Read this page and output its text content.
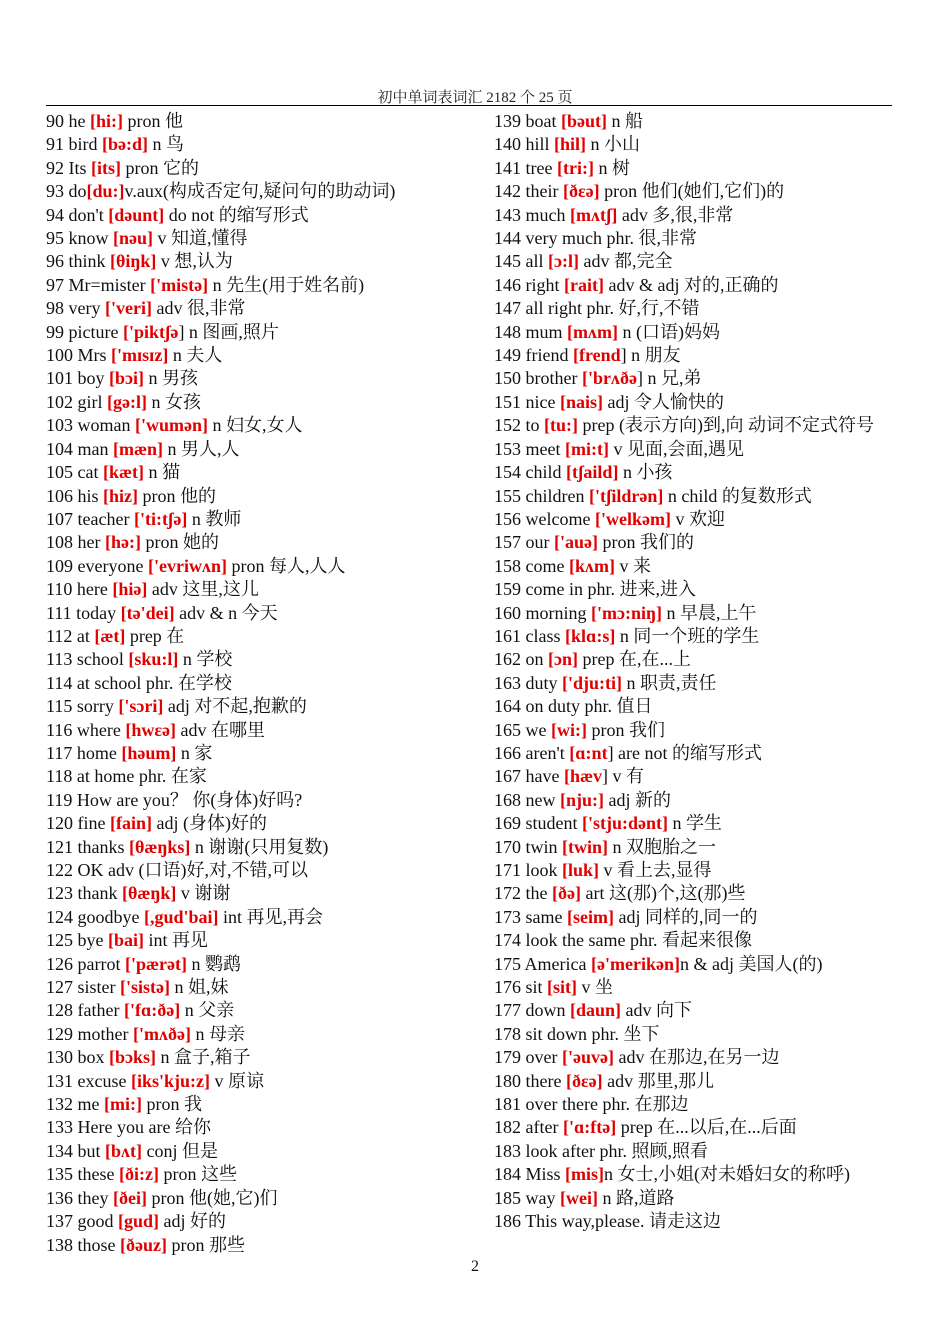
初中单词表词汇 2182 个 25 页
90 he [hi:] pron 他
91 bird [bə:d] n 鸟
92 Its [its] pron 它的
93 do[du:]v.aux(构成否定句,疑问句的助动词)
94 don't [dəunt] do not 的缩写形式
95 know [nəu] v 知道,懂得
96 think [θiŋk] v 想,认为
97 Mr=mister ['mistə] n 先生(用于姓名前)
98 very ['veri] adv 很,非常
99 picture ['piktʃə] n 图画,照片
100 Mrs ['mɪsɪz] n 夫人
101 boy [bɔi] n 男孩
102 girl [gə:l] n 女孩
103 woman ['wumən] n 妇女,女人
104 man [mæn] n 男人,人
105 cat [kæt] n 猫
106 his [hiz] pron 他的
107 teacher ['ti:tʃə] n 教师
108 her [hə:] pron 她的
109 everyone ['evriwʌn] pron 每人,人人
110 here [hiə] adv 这里,这儿
111 today [tə'dei] adv & n 今天
112 at [æt] prep 在
113 school [sku:l] n 学校
114 at school phr. 在学校
115 sorry ['sɔri] adj 对不起,抱歉的
116 where [hwεə] adv 在哪里
117 home [həum] n 家
118 at home phr. 在家
119 How are you？ 你(身体)好吗?
120 fine [fain] adj (身体)好的
121 thanks [θæŋks] n 谢谢(只用复数)
122 OK adv (口语)好,对,不错,可以
123 thank [θæŋk] v 谢谢
124 goodbye [,gud'bai] int 再见,再会
125 bye [bai] int 再见
126 parrot ['pærət] n 鹦鹉
127 sister ['sistə] n 姐,妹
128 father ['fɑ:ðə] n 父亲
129 mother ['mʌðə] n 母亲
130 box [bɔks] n 盒子,箱子
131 excuse [iks'kju:z] v 原谅
132 me [mi:] pron 我
133 Here you are 给你
134 but [bʌt] conj 但是
135 these [ði:z] pron 这些
136 they [ðei] pron 他(她,它)们
137 good [gud] adj 好的
138 those [ðəuz] pron 那些
139 boat [bəut] n 船
140 hill [hil] n 小山
141 tree [tri:] n 树
142 their [ðεə] pron 他们(她们,它们)的
143 much [mʌtʃ] adv 多,很,非常
144 very much phr. 很,非常
145 all [ɔ:l] adv 都,完全
146 right [rait] adv & adj 对的,正确的
147 all right phr. 好,行,不错
148 mum [mʌm] n (口语)妈妈
149 friend [frend] n 朋友
150 brother ['brʌðə] n 兄,弟
151 nice [nais] adj 令人愉快的
152 to [tu:] prep (表示方向)到,向 动词不定式符号
153 meet [mi:t] v 见面,会面,遇见
154 child [tʃaild] n 小孩
155 children ['tʃildrən] n child 的复数形式
156 welcome ['welkəm] v 欢迎
157 our ['auə] pron 我们的
158 come [kʌm] v 来
159 come in phr. 进来,进入
160 morning ['mɔ:niŋ] n 早晨,上午
161 class [klɑ:s] n 同一个班的学生
162 on [ɔn] prep 在,在...上
163 duty ['dju:ti] n 职责,责任
164 on duty phr. 值日
165 we [wi:] pron 我们
166 aren't [ɑ:nt] are not 的缩写形式
167 have [hæv] v 有
168 new [nju:] adj 新的
169 student ['stju:dənt] n 学生
170 twin [twin] n 双胞胎之一
171 look [luk] v 看上去,显得
172 the [ðə] art 这(那)个,这(那)些
173 same [seim] adj 同样的,同一的
174 look the same phr. 看起来很像
175 America [ə'merikən]n & adj 美国人(的)
176 sit [sit] v 坐
177 down [daun] adv 向下
178 sit down phr. 坐下
179 over ['əuvə] adv 在那边,在另一边
180 there [ðεə] adv 那里,那儿
181 over there phr. 在那边
182 after ['ɑ:ftə] prep 在...以后,在...后面
183 look after phr. 照顾,照看
184 Miss [mis]n 女士,小姐(对未婚妇女的称呼)
185 way [wei] n 路,道路
186 This way,please. 请走这边
2
